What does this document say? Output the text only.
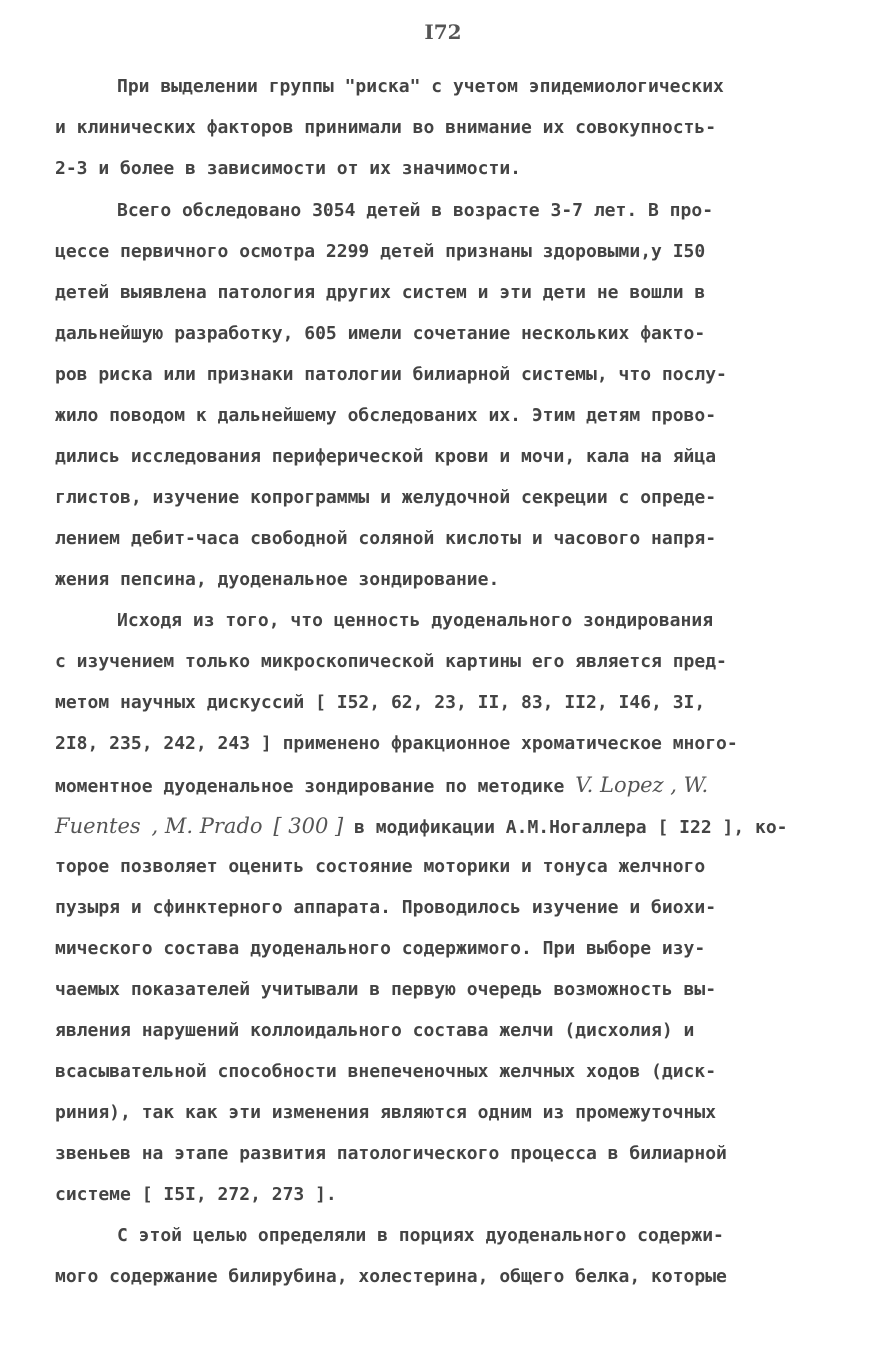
I72
При выделении группы "риска" с учетом эпидемиологических
и клинических факторов принимали во внимание их совокупность-
2-3 и более в зависимости от их значимости.
Всего обследовано 3054 детей в возрасте 3-7 лет. В про-
цессе первичного осмотра 2299 детей признаны здоровыми,у I50
детей выявлена патология других систем и эти дети не вошли в
дальнейшую разработку, 605 имели сочетание нескольких факто-
ров риска или признаки патологии билиарной системы, что послу-
жило поводом к дальнейшему обследованих их. Этим детям прово-
дились исследования периферической крови и мочи, кала на яйца
глистов, изучение копрограммы и желудочной секреции с опреде-
лением дебит-часа свободной соляной кислоты и часового напря-
жения пепсина, дуоденальное зондирование.
Исходя из того, что ценность дуоденального зондирования
с изучением только микроскопической картины его является пред-
метом научных дискуссий [ I52, 62, 23, II, 83, II2, I46, 3I,
2I8, 235, 242, 243 ] применено фракционное хроматическое много-
моментное дуоденальное зондирование по методике V. Lopez , W.
Fuentes , M. Prado [ 300 ] в модификации А.М.Ногаллера [ I22 ], ко-
торое позволяет оценить состояние моторики и тонуса желчного
пузыря и сфинктерного аппарата. Проводилось изучение и биохи-
мического состава дуоденального содержимого. При выборе изу-
чаемых показателей учитывали в первую очередь возможность вы-
явления нарушений коллоидального состава желчи (дисхолия) и
всасывательной способности внепеченочных желчных ходов (диск-
риния), так как эти изменения являются одним из промежуточных
звеньев на этапе развития патологического процесса в билиарной
системе [ I5I, 272, 273 ].
С этой целью определяли в порциях дуоденального содержи-
мого содержание билирубина, холестерина, общего белка, которые
